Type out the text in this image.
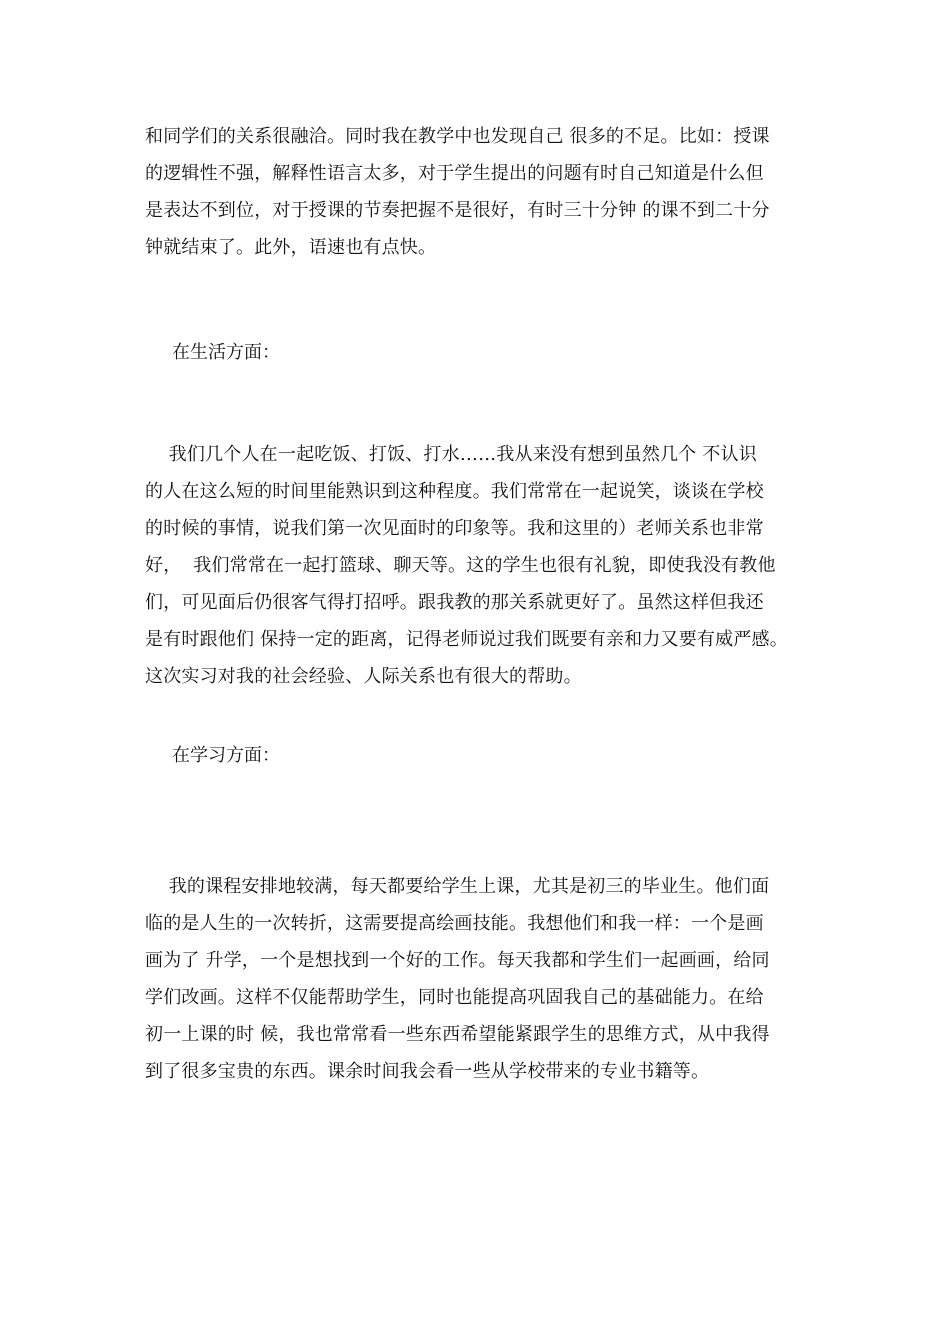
和同学们的关系很融洽。同时我在教学中也发现自己 很多的不足。比如：授课
的逻辑性不强，解释性语言太多，对于学生提出的问题有时自己知道是什么但
是表达不到位，对于授课的节奏把握不是很好，有时三十分钟 的课不到二十分
钟就结束了。此外，语速也有点快。
在生活方面：
我们几个人在一起吃饭、打饭、打水……我从来没有想到虽然几个 不认识
的人在这么短的时间里能熟识到这种程度。我们常常在一起说笑，谈谈在学校
的时候的事情，说我们第一次见面时的印象等。我和这里的）老师关系也非常
好，  我们常常在一起打篮球、聊天等。这的学生也很有礼貌，即使我没有教他
们，可见面后仍很客气得打招呼。跟我教的那关系就更好了。虽然这样但我还
是有时跟他们 保持一定的距离，记得老师说过我们既要有亲和力又要有威严感。
这次实习对我的社会经验、人际关系也有很大的帮助。
在学习方面：
我的课程安排地较满，每天都要给学生上课，尤其是初三的毕业生。他们面
临的是人生的一次转折，这需要提高绘画技能。我想他们和我一样：一个是画
画为了 升学，一个是想找到一个好的工作。每天我都和学生们一起画画，给同
学们改画。这样不仅能帮助学生，同时也能提高巩固我自己的基础能力。在给
初一上课的时 候，我也常常看一些东西希望能紧跟学生的思维方式，从中我得
到了很多宝贵的东西。课余时间我会看一些从学校带来的专业书籍等。
